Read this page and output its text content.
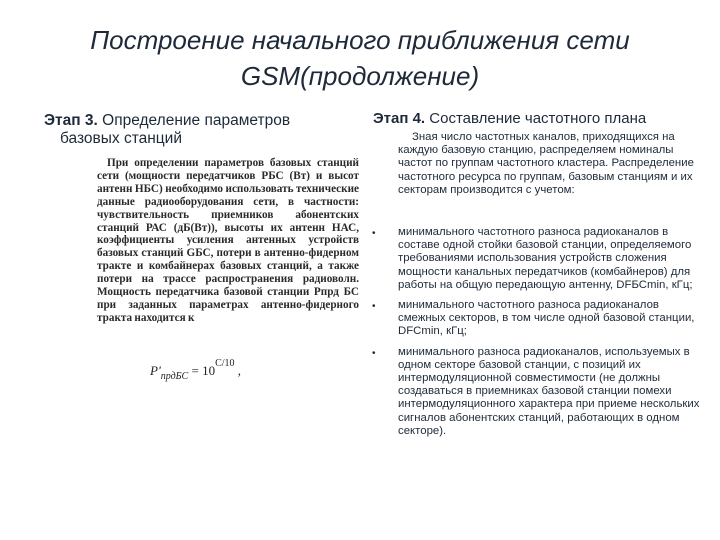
Построение начального приближения сети GSM(продолжение)
Этап 3. Определение параметров
базовых станций
При определении параметров базовых станций сети (мощности передатчиков РБС (Вт) и высот антенн НБС) необходимо использовать технические данные радиооборудования сети, в частности: чувствительность приемников абонентских станций РАС (дБ(Вт)), высоты их антенн НАС, коэффициенты усиления антенных устройств базовых станций GБС, потери в антенно-фидерном тракте и комбайнерах базовых станций, а также потери на трассе распространения радиоволн. Мощность передатчика базовой станции Рпрд БС при заданных параметрах антенно-фидерного тракта находится к
$P'_{прдБС} = 10^{C/10}$ ,
Этап 4. Составление частотного плана
Зная число частотных каналов, приходящихся на каждую базовую станцию, распределяем номиналы частот по группам частотного кластера. Распределение частотного ресурса по группам, базовым станциям и их секторам производится с учетом:
• минимального частотного разноса радиоканалов в составе одной стойки базовой станции, определяемого требованиями использования устройств сложения мощности канальных передатчиков (комбайнеров) для работы на общую передающую антенну, DFБСmin, кГц;
• минимального частотного разноса радиоканалов смежных секторов, в том числе одной базовой станции, DFCmin, кГц;
• минимального разноса радиоканалов, используемых в одном секторе базовой станции, с позиций их интермодуляционной совместимости (не должны создаваться в приемниках базовой станции помехи интермодуляционного характера при приеме нескольких сигналов абонентских станций, работающих в одном секторе).
